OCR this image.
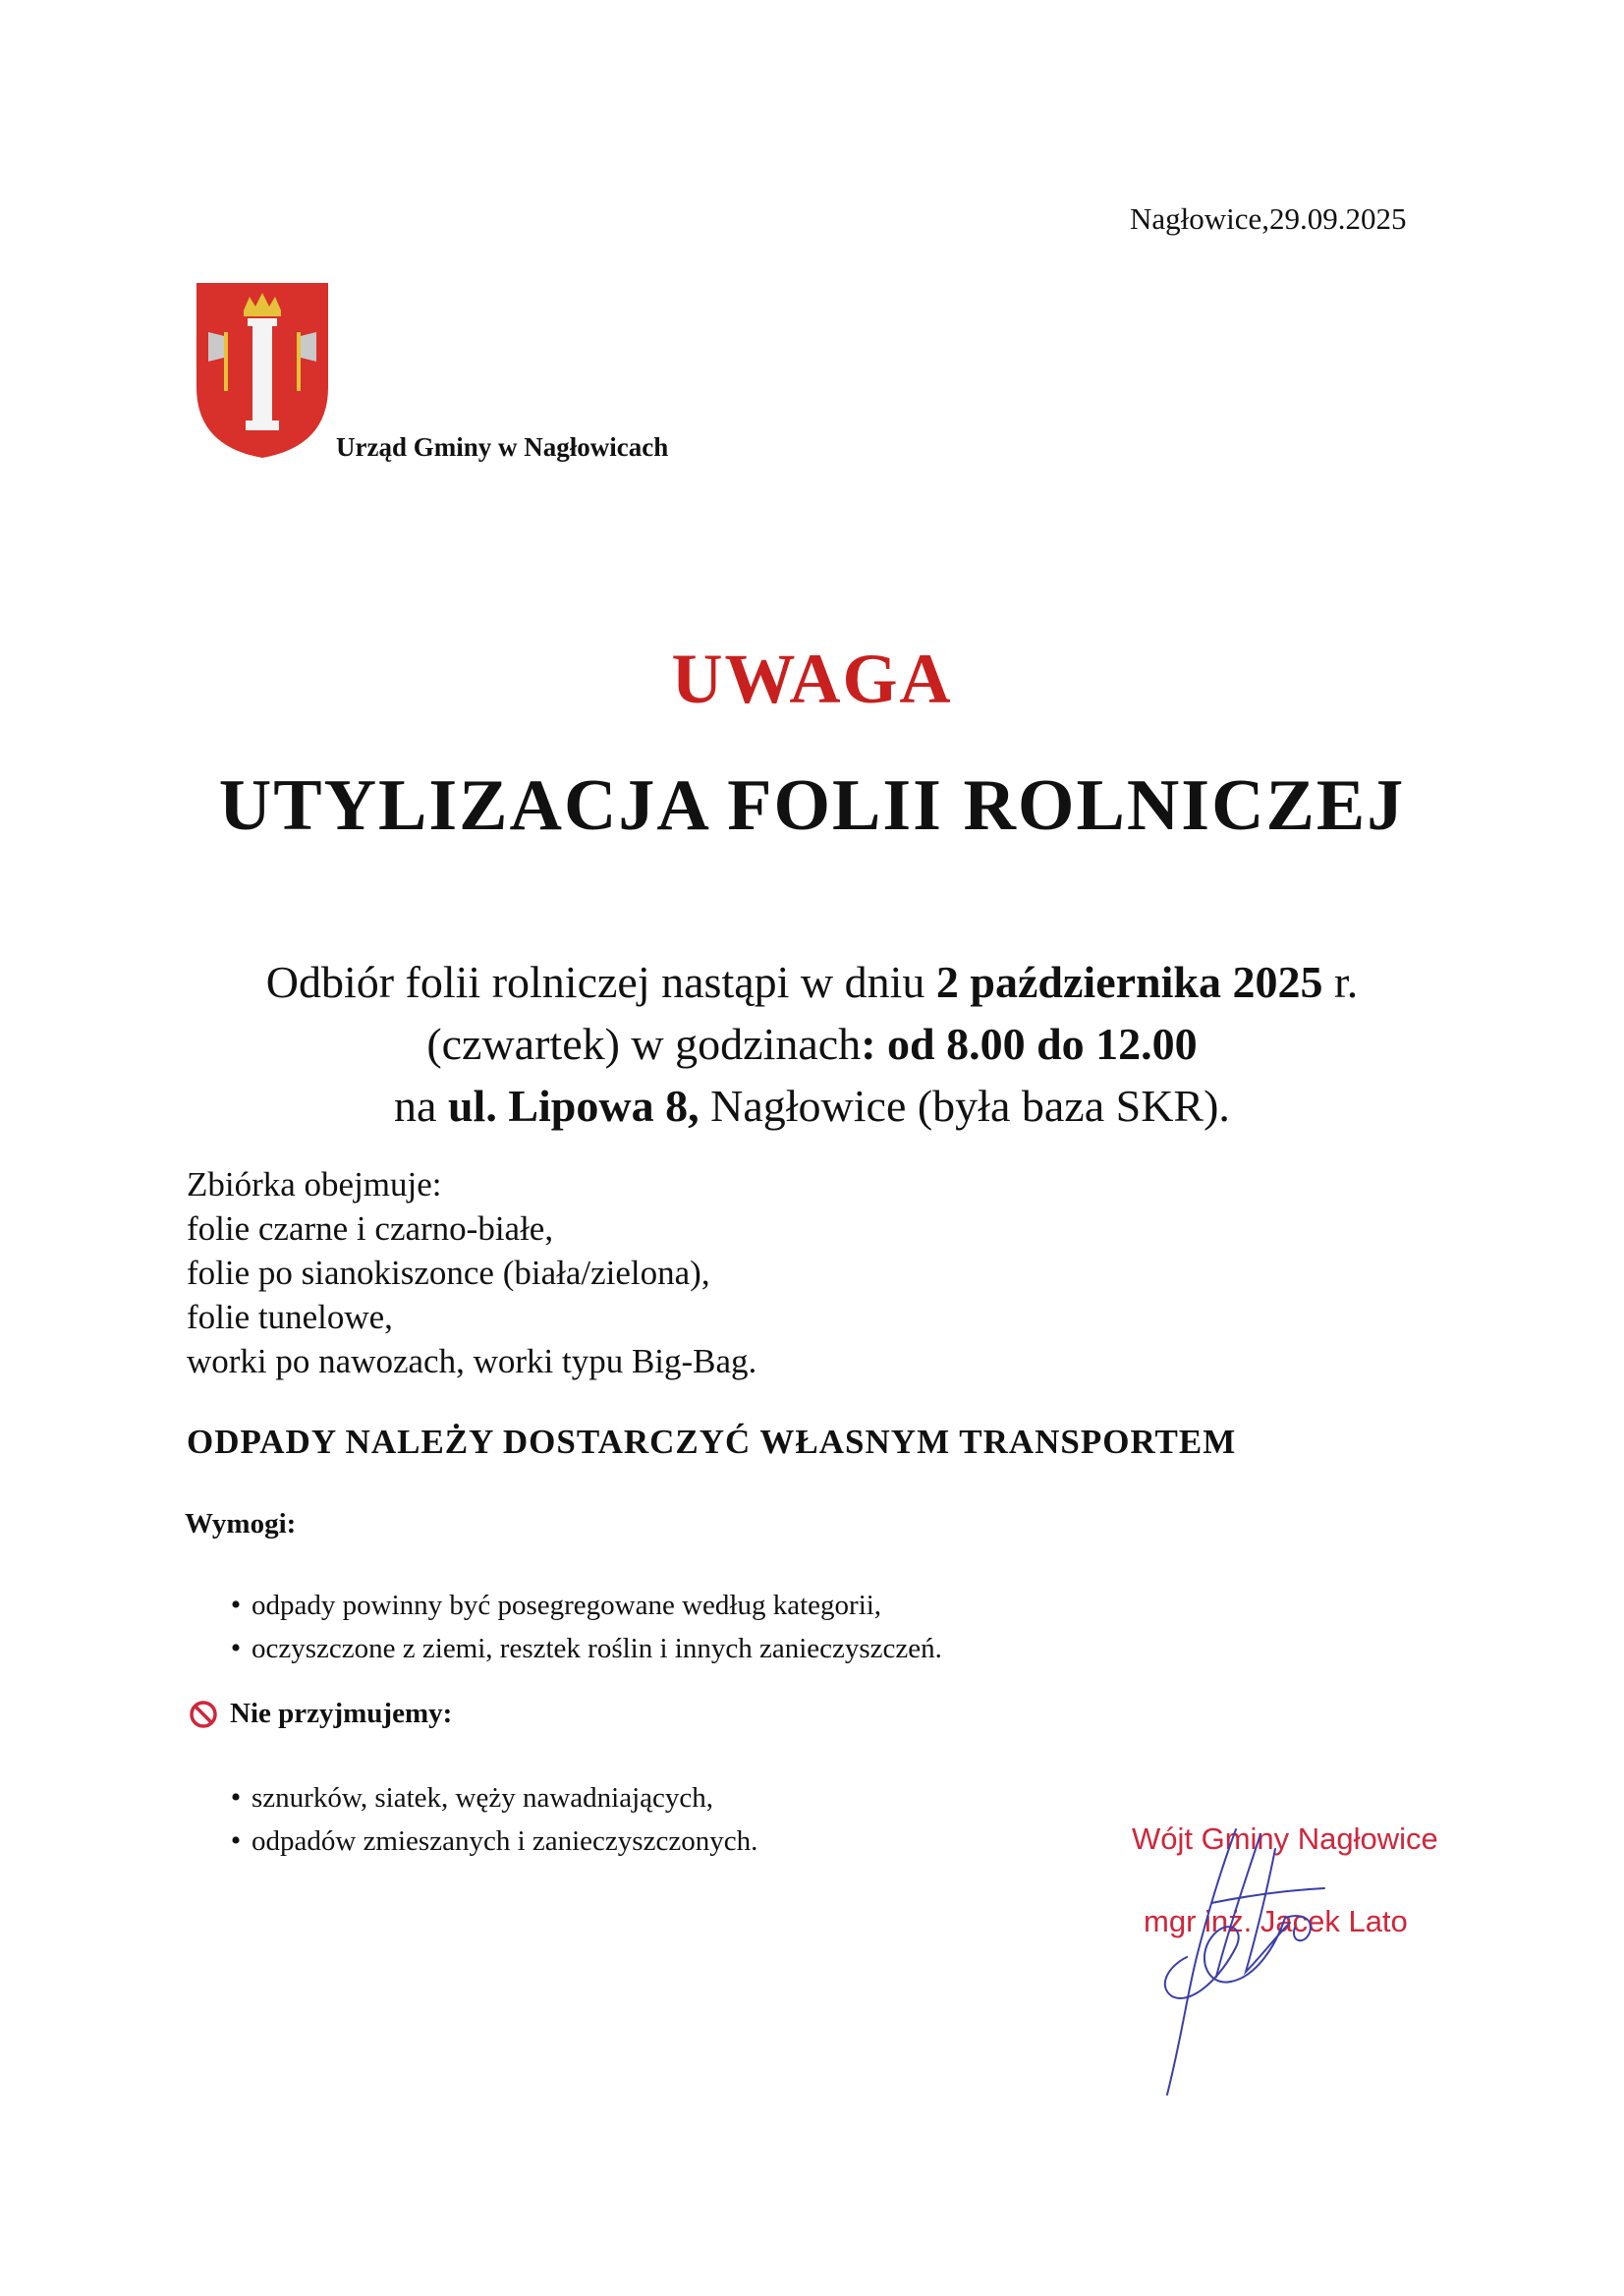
Nagłowice,29.09.2025
Urząd Gminy w Nagłowicach
UWAGA
UTYLIZACJA FOLII ROLNICZEJ

Odbiór folii rolniczej nastąpi w dniu 2 października 2025 r.

(czwartek) w godzinach: od 8.00 do 12.00

na ul. Lipowa 8, Nagłowice (była baza SKR).

Zbiórka obejmuje:
folie czarne i czarno-białe,
folie po sianokiszonce (biała/zielona),
folie tunelowe,
worki po nawozach, worki typu Big-Bag.
ODPADY NALEŻY DOSTARCZYĆ WŁASNYM TRANSPORTEM
Wymogi:
• odpady powinny być posegregowane według kategorii,
• oczyszczone z ziemi, resztek roślin i innych zanieczyszczeń.
Nie przyjmujemy:
• sznurków, siatek, węży nawadniających,
• odpadów zmieszanych i zanieczyszczonych.	Wójt Gminy Nagłowice
mgr inż. Jacek Lato
